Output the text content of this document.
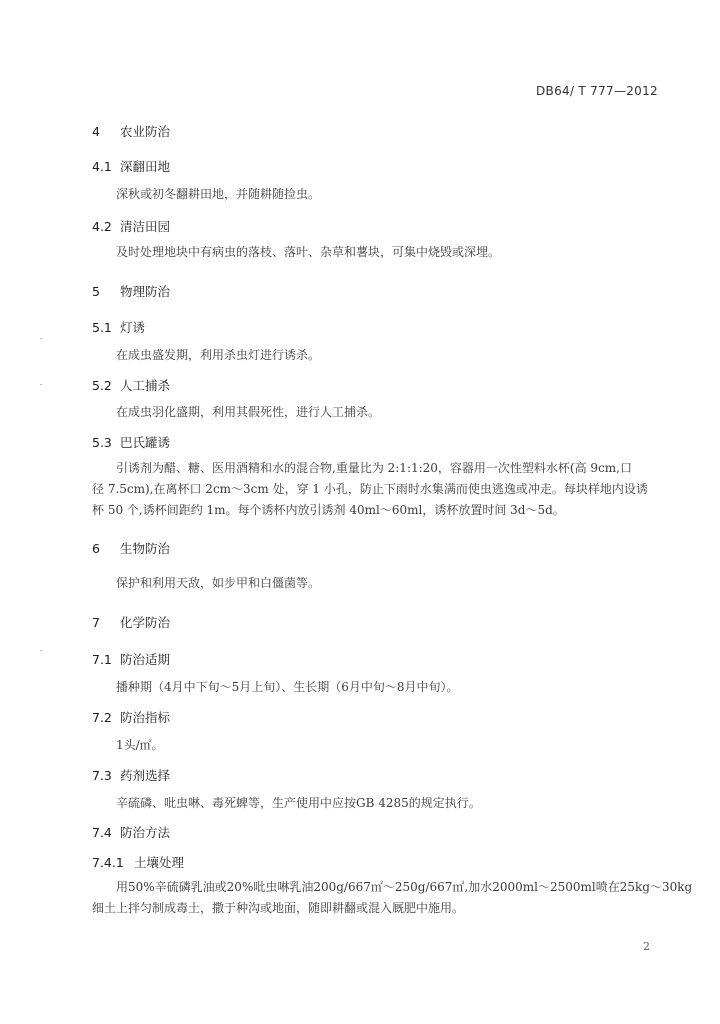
DB64/ T 777—2012
4 农业防治
4.1 深翻田地
深秋或初冬翻耕田地，并随耕随捡虫。
4.2 清洁田园
及时处理地块中有病虫的落枝、落叶、杂草和薯块，可集中烧毁或深埋。
5 物理防治
5.1 灯诱
在成虫盛发期，利用杀虫灯进行诱杀。
5.2 人工捕杀
在成虫羽化盛期，利用其假死性，进行人工捕杀。
5.3 巴氏罐诱
引诱剂为醋、糖、医用酒精和水的混合物,重量比为 2:1:1:20，容器用一次性塑料水杯(高 9cm,口
径 7.5cm),在离杯口 2cm～3cm 处，穿 1 小孔，防止下雨时水集满而使虫逃逸或冲走。每块样地内设诱
杯 50 个,诱杯间距约 1m。每个诱杯内放引诱剂 40ml～60ml，诱杯放置时间 3d～5d。
6 生物防治
保护和利用天敌，如步甲和白僵菌等。
7 化学防治
7.1 防治适期
播种期（4月中下旬～5月上旬）、生长期（6月中旬～8月中旬）。
7.2 防治指标
1头/㎡。
7.3 药剂选择
辛硫磷、吡虫啉、毒死蜱等，生产使用中应按GB 4285的规定执行。
7.4 防治方法
7.4.1 土壤处理
用50%辛硫磷乳油或20%吡虫啉乳油200g/667㎡～250g/667㎡,加水2000ml～2500ml喷在25kg～30kg
细土上拌匀制成毒土，撒于种沟或地面，随即耕翻或混入厩肥中施用。
2
